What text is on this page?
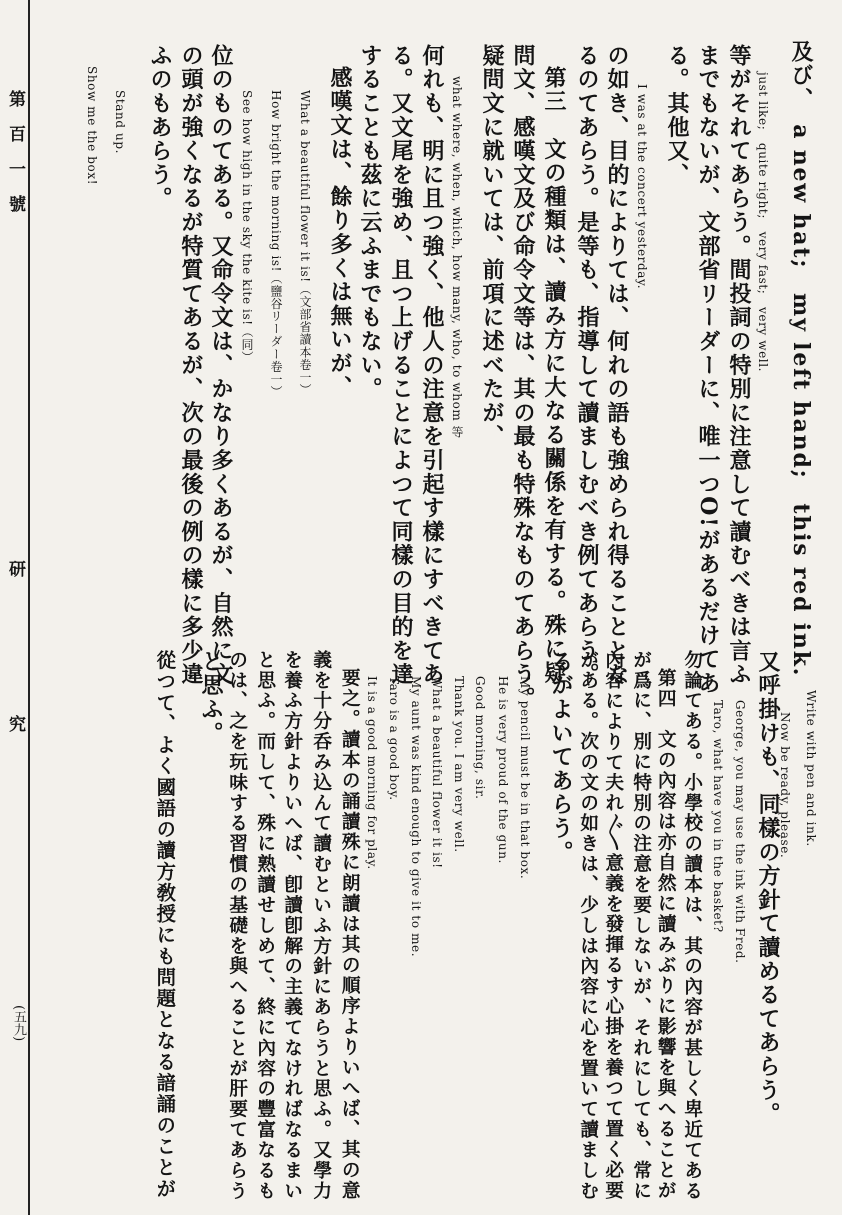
第百一號
研
究
(五九)
及び、　a new hat;　my left hand;　this red ink.
just like;　quite right;　very fast;　very well.
等がそれてあらう。間投詞の特別に注意して讀むべきは言ふ
までもないが、文部省リーダーに、唯一つO!があるだけてあ
る。其他又、
I was at the concert yesterday.
の如き、目的によりては、何れの語も強められ得ることとな
るのてあらう。是等も、指導して讀ましむべき例てあらう。
第三　文の種類は、讀み方に大なる關係を有する。殊に疑
問文、感嘆文及び命令文等は、其の最も特殊なものてあらう。
疑問文に就いては、前項に述べたが、
what where, when, which, how many, who, to whom 等
何れも、明に且つ強く、他人の注意を引起す樣にすべきてあ
る。又文尾を強め、且つ上げることによつて同樣の目的を達
することも茲に云ふまでもない。
感嘆文は、餘り多くは無いが、
What a beautiful flower it is!（文部省讀本卷一）
How bright the morning is!（鹽谷リーダー卷一）
See how high in the sky the kite is!（同）
位のものてある。又命令文は、かなり多くあるが、自然に文
の頭が強くなるが特質てあるが、次の最後の例の樣に多少違
ふのもあらう。
Stand up.
Show me the box!
Write with pen and ink.
Now be ready, please.
又呼掛けも、同樣の方針て讀めるてあらう。
George, you may use the ink with Fred.
Taro, what have you in the basket?
勿論てある。小學校の讀本は、其の內容が甚しく卑近てある
第四　文の內容は亦自然に讀みぶりに影響を與へることが
が爲に、別に特別の注意を要しないが、それにしても、常に
內容によりて夫れ〴〵意義を發揮るす心掛を養つて置く必要
がある。次の文の如きは、少しは內容に心を置いて讀ましむ
るがよいてあらう。
My pencil must be in that box.
He is very proud of the gun.
Good morning, sir.
Thank you. I am very well.
What a beautiful flower it is!
My aunt was kind enough to give it to me.
Taro is a good boy.
It is a good morning for play.
要之。讀本の誦讀殊に朗讀は其の順序よりいへば、其の意
義を十分呑み込んて讀むといふ方針にあらうと思ふ。又學力
を養ふ方針よりいへば、卽讀卽解の主義てなければなるまい
と思ふ。而して、殊に熟讀せしめて、終に內容の豐富なるも
のは、之を玩味する習慣の基礎を與へることが肝要てあらう
と思ふ。
從つて、よく國語の讀方敎授にも問題となる諳誦のことが
